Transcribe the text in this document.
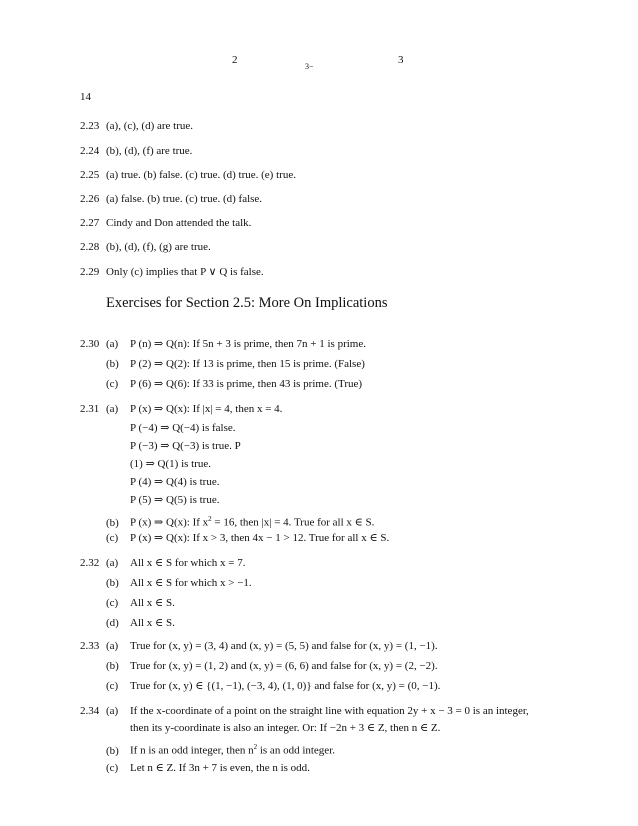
2
3−
3
14
2.23 (a), (c), (d) are true.
2.24 (b), (d), (f) are true.
2.25 (a) true. (b) false. (c) true. (d) true. (e) true.
2.26 (a) false. (b) true. (c) true. (d) false.
2.27 Cindy and Don attended the talk.
2.28 (b), (d), (f), (g) are true.
2.29 Only (c) implies that P ∨ Q is false.
Exercises for Section 2.5: More On Implications
2.30 (a) P (n) ⇒ Q(n): If 5n + 3 is prime, then 7n + 1 is prime.
(b) P (2) ⇒ Q(2): If 13 is prime, then 15 is prime. (False)
(c) P (6) ⇒ Q(6): If 33 is prime, then 43 is prime. (True)
2.31 (a) P (x) ⇒ Q(x): If |x| = 4, then x = 4.
P (−4) ⇒ Q(−4) is false.
P (−3) ⇒ Q(−3) is true. P
(1) ⇒ Q(1) is true.
P (4) ⇒ Q(4) is true.
P (5) ⇒ Q(5) is true.
(b) P (x) ⇒ Q(x): If $x^2 = 16$, then |x| = 4. True for all x ∈ S.
(c) P (x) ⇒ Q(x): If x > 3, then 4x − 1 > 12. True for all x ∈ S.
2.32 (a) All x ∈ S for which x = 7.
(b) All x ∈ S for which x > −1.
(c) All x ∈ S.
(d) All x ∈ S.
2.33 (a) True for (x, y) = (3, 4) and (x, y) = (5, 5) and false for (x, y) = (1, −1).
(b) True for (x, y) = (1, 2) and (x, y) = (6, 6) and false for (x, y) = (2, −2).
(c) True for (x, y) ∈ {(1, −1), (−3, 4), (1, 0)} and false for (x, y) = (0, −1).
2.34 (a) If the x-coordinate of a point on the straight line with equation 2y + x − 3 = 0 is an integer,
then its y-coordinate is also an integer. Or: If −2n + 3 ∈ Z, then n ∈ Z.
(b) If n is an odd integer, then $n^2$ is an odd integer.
(c) Let n ∈ Z. If 3n + 7 is even, the n is odd.
